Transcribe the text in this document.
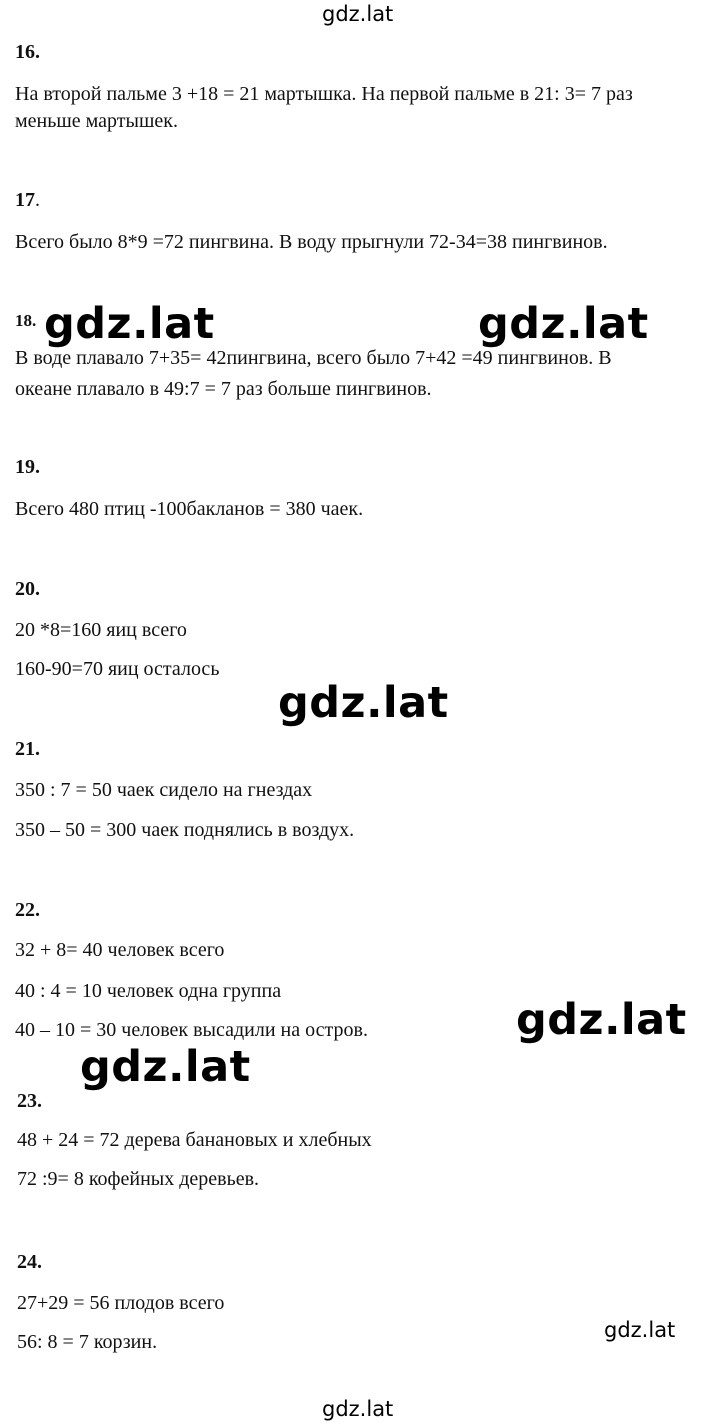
gdz.lat
gdz.lat	gdz.lat
gdz.lat
gdz.lat
gdz.lat
gdz.lat
gdz.lat
16.
На второй пальме 3 +18 = 21 мартышка. На первой пальме в 21: 3= 7 раз
меньше мартышек.
17.
Всего было 8*9 =72 пингвина. В воду прыгнули 72-34=38 пингвинов.
18.
В воде плавало 7+35= 42пингвина, всего было 7+42 =49 пингвинов. В
океане плавало в 49:7 = 7 раз больше пингвинов.
19.
Всего 480 птиц -100бакланов = 380 чаек.
20.
20 *8=160 яиц всего
160-90=70 яиц осталось
21.
350 : 7 = 50 чаек сидело на гнездах
350 – 50 = 300 чаек поднялись в воздух.
22.
32 + 8= 40 человек всего
40 : 4 = 10 человек одна группа
40 – 10 = 30 человек высадили на остров.
23.
48 + 24 = 72 дерева банановых и хлебных
72 :9= 8 кофейных деревьев.
24.
27+29 = 56 плодов всего
56: 8 = 7 корзин.
